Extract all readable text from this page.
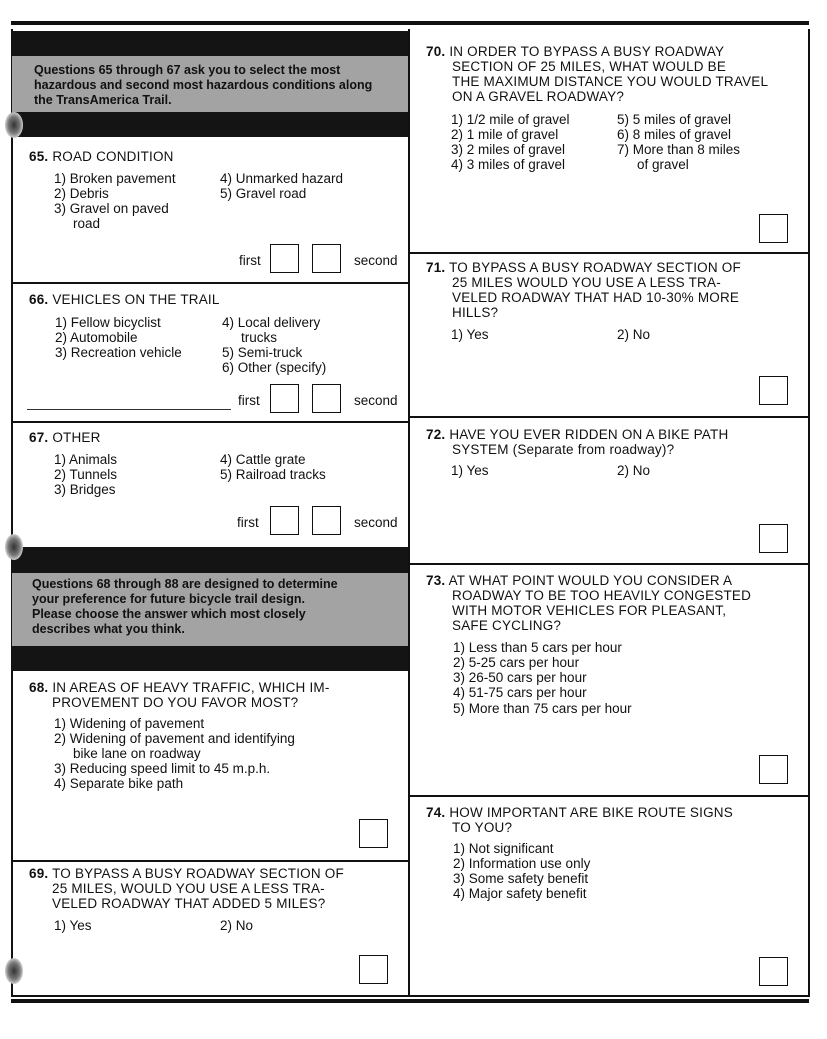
Questions 65 through 67 ask you to select the most hazardous and second most hazardous conditions along the TransAmerica Trail.
Questions 68 through 88 are designed to determine your preference for future bicycle trail design. Please choose the answer which most closely describes what you think.
65. ROAD CONDITION
1) Broken pavement
2) Debris
3) Gravel on paved
road
4) Unmarked hazard
5) Gravel road
first	second
66. VEHICLES ON THE TRAIL
1) Fellow bicyclist
2) Automobile
3) Recreation vehicle
4) Local delivery
trucks
5) Semi-truck
6) Other (specify)
first	second
67. OTHER
1) Animals
2) Tunnels
3) Bridges
4) Cattle grate
5) Railroad tracks
first	second
68. IN AREAS OF HEAVY TRAFFIC, WHICH IM-
PROVEMENT DO YOU FAVOR MOST?
1) Widening of pavement
2) Widening of pavement and identifying
bike lane on roadway
3) Reducing speed limit to 45 m.p.h.
4) Separate bike path
69. TO BYPASS A BUSY ROADWAY SECTION OF
25 MILES, WOULD YOU USE A LESS TRA-
VELED ROADWAY THAT ADDED 5 MILES?
1) Yes	2) No
70. IN ORDER TO BYPASS A BUSY ROADWAY
SECTION OF 25 MILES, WHAT WOULD BE
THE MAXIMUM DISTANCE YOU WOULD TRAVEL
ON A GRAVEL ROADWAY?
1) 1/2 mile of gravel
2) 1 mile of gravel
3) 2 miles of gravel
4) 3 miles of gravel
5) 5 miles of gravel
6) 8 miles of gravel
7) More than 8 miles
of gravel
71. TO BYPASS A BUSY ROADWAY SECTION OF
25 MILES WOULD YOU USE A LESS TRA-
VELED ROADWAY THAT HAD 10-30% MORE
HILLS?
1) Yes	2) No
72. HAVE YOU EVER RIDDEN ON A BIKE PATH
SYSTEM (Separate from roadway)?
1) Yes	2) No
73. AT WHAT POINT WOULD YOU CONSIDER A
ROADWAY TO BE TOO HEAVILY CONGESTED
WITH MOTOR VEHICLES FOR PLEASANT,
SAFE CYCLING?
1) Less than 5 cars per hour
2) 5-25 cars per hour
3) 26-50 cars per hour
4) 51-75 cars per hour
5) More than 75 cars per hour
74. HOW IMPORTANT ARE BIKE ROUTE SIGNS
TO YOU?
1) Not significant
2) Information use only
3) Some safety benefit
4) Major safety benefit
